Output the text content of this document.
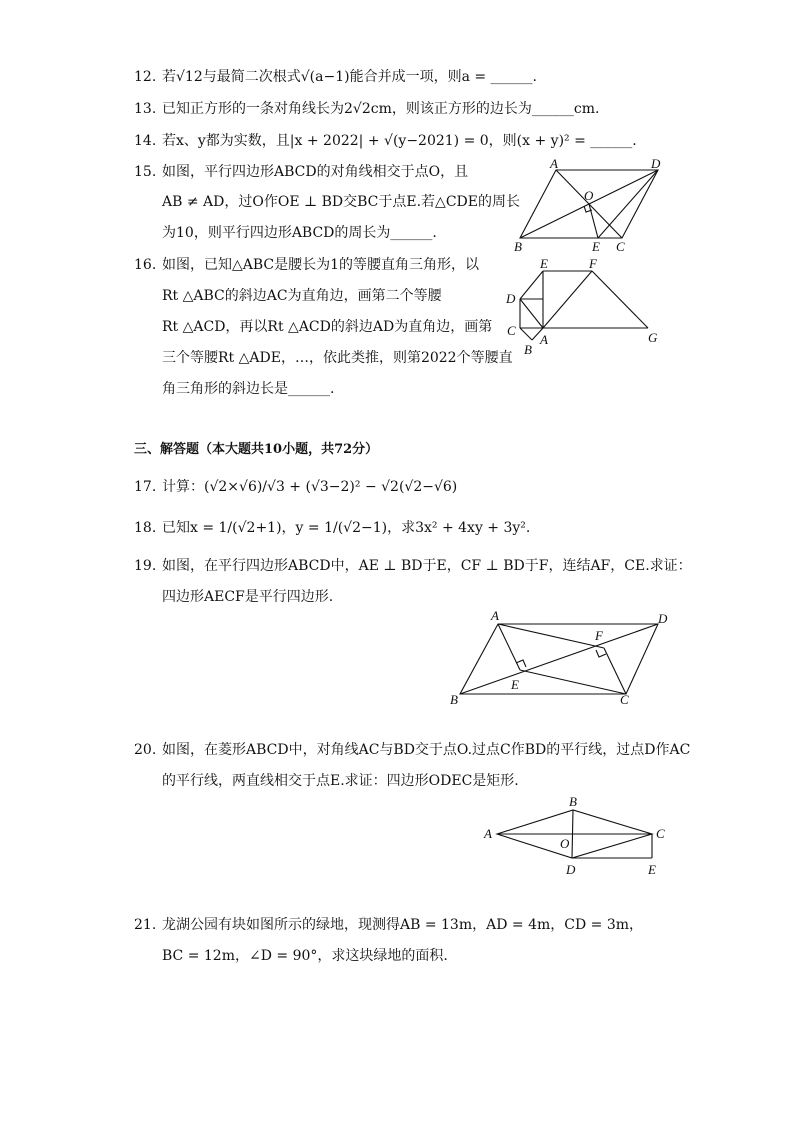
12. 若√12与最简二次根式√(a−1)能合并成一项，则a = ______.
13. 已知正方形的一条对角线长为2√2cm，则该正方形的边长为______cm.
14. 若x、y都为实数，且|x + 2022| + √(y−2021) = 0，则(x + y)² = ______.
15. 如图，平行四边形ABCD的对角线相交于点O，且
AB ≠ AD，过O作OE ⊥ BD交BC于点E.若△CDE的周长
为10，则平行四边形ABCD的周长为______.
A	D
O
B	E C
16. 如图，已知△ABC是腰长为1的等腰直角三角形，以
Rt △ABC的斜边AC为直角边，画第二个等腰
Rt △ACD，再以Rt △ACD的斜边AD为直角边，画第
三个等腰Rt △ADE，…，依此类推，则第2022个等腰直
角三角形的斜边长是______.
E	F
D
C
A
B
G
三、解答题（本大题共10小题，共72分）
17. 计算：(√2×√6)/√3 + (√3−2)² − √2(√2−√6)
18. 已知x = 1/(√2+1)，y = 1/(√2−1)，求3x² + 4xy + 3y².
19. 如图，在平行四边形ABCD中，AE ⊥ BD于E，CF ⊥ BD于F，连结AF，CE.求证：
四边形AECF是平行四边形.
A	D
F
E
B	C
20. 如图，在菱形ABCD中，对角线AC与BD交于点O.过点C作BD的平行线，过点D作AC
的平行线，两直线相交于点E.求证：四边形ODEC是矩形.
B
A
O
C
D	E
21. 龙湖公园有块如图所示的绿地，现测得AB = 13m，AD = 4m，CD = 3m，
BC = 12m，∠D = 90°，求这块绿地的面积.
